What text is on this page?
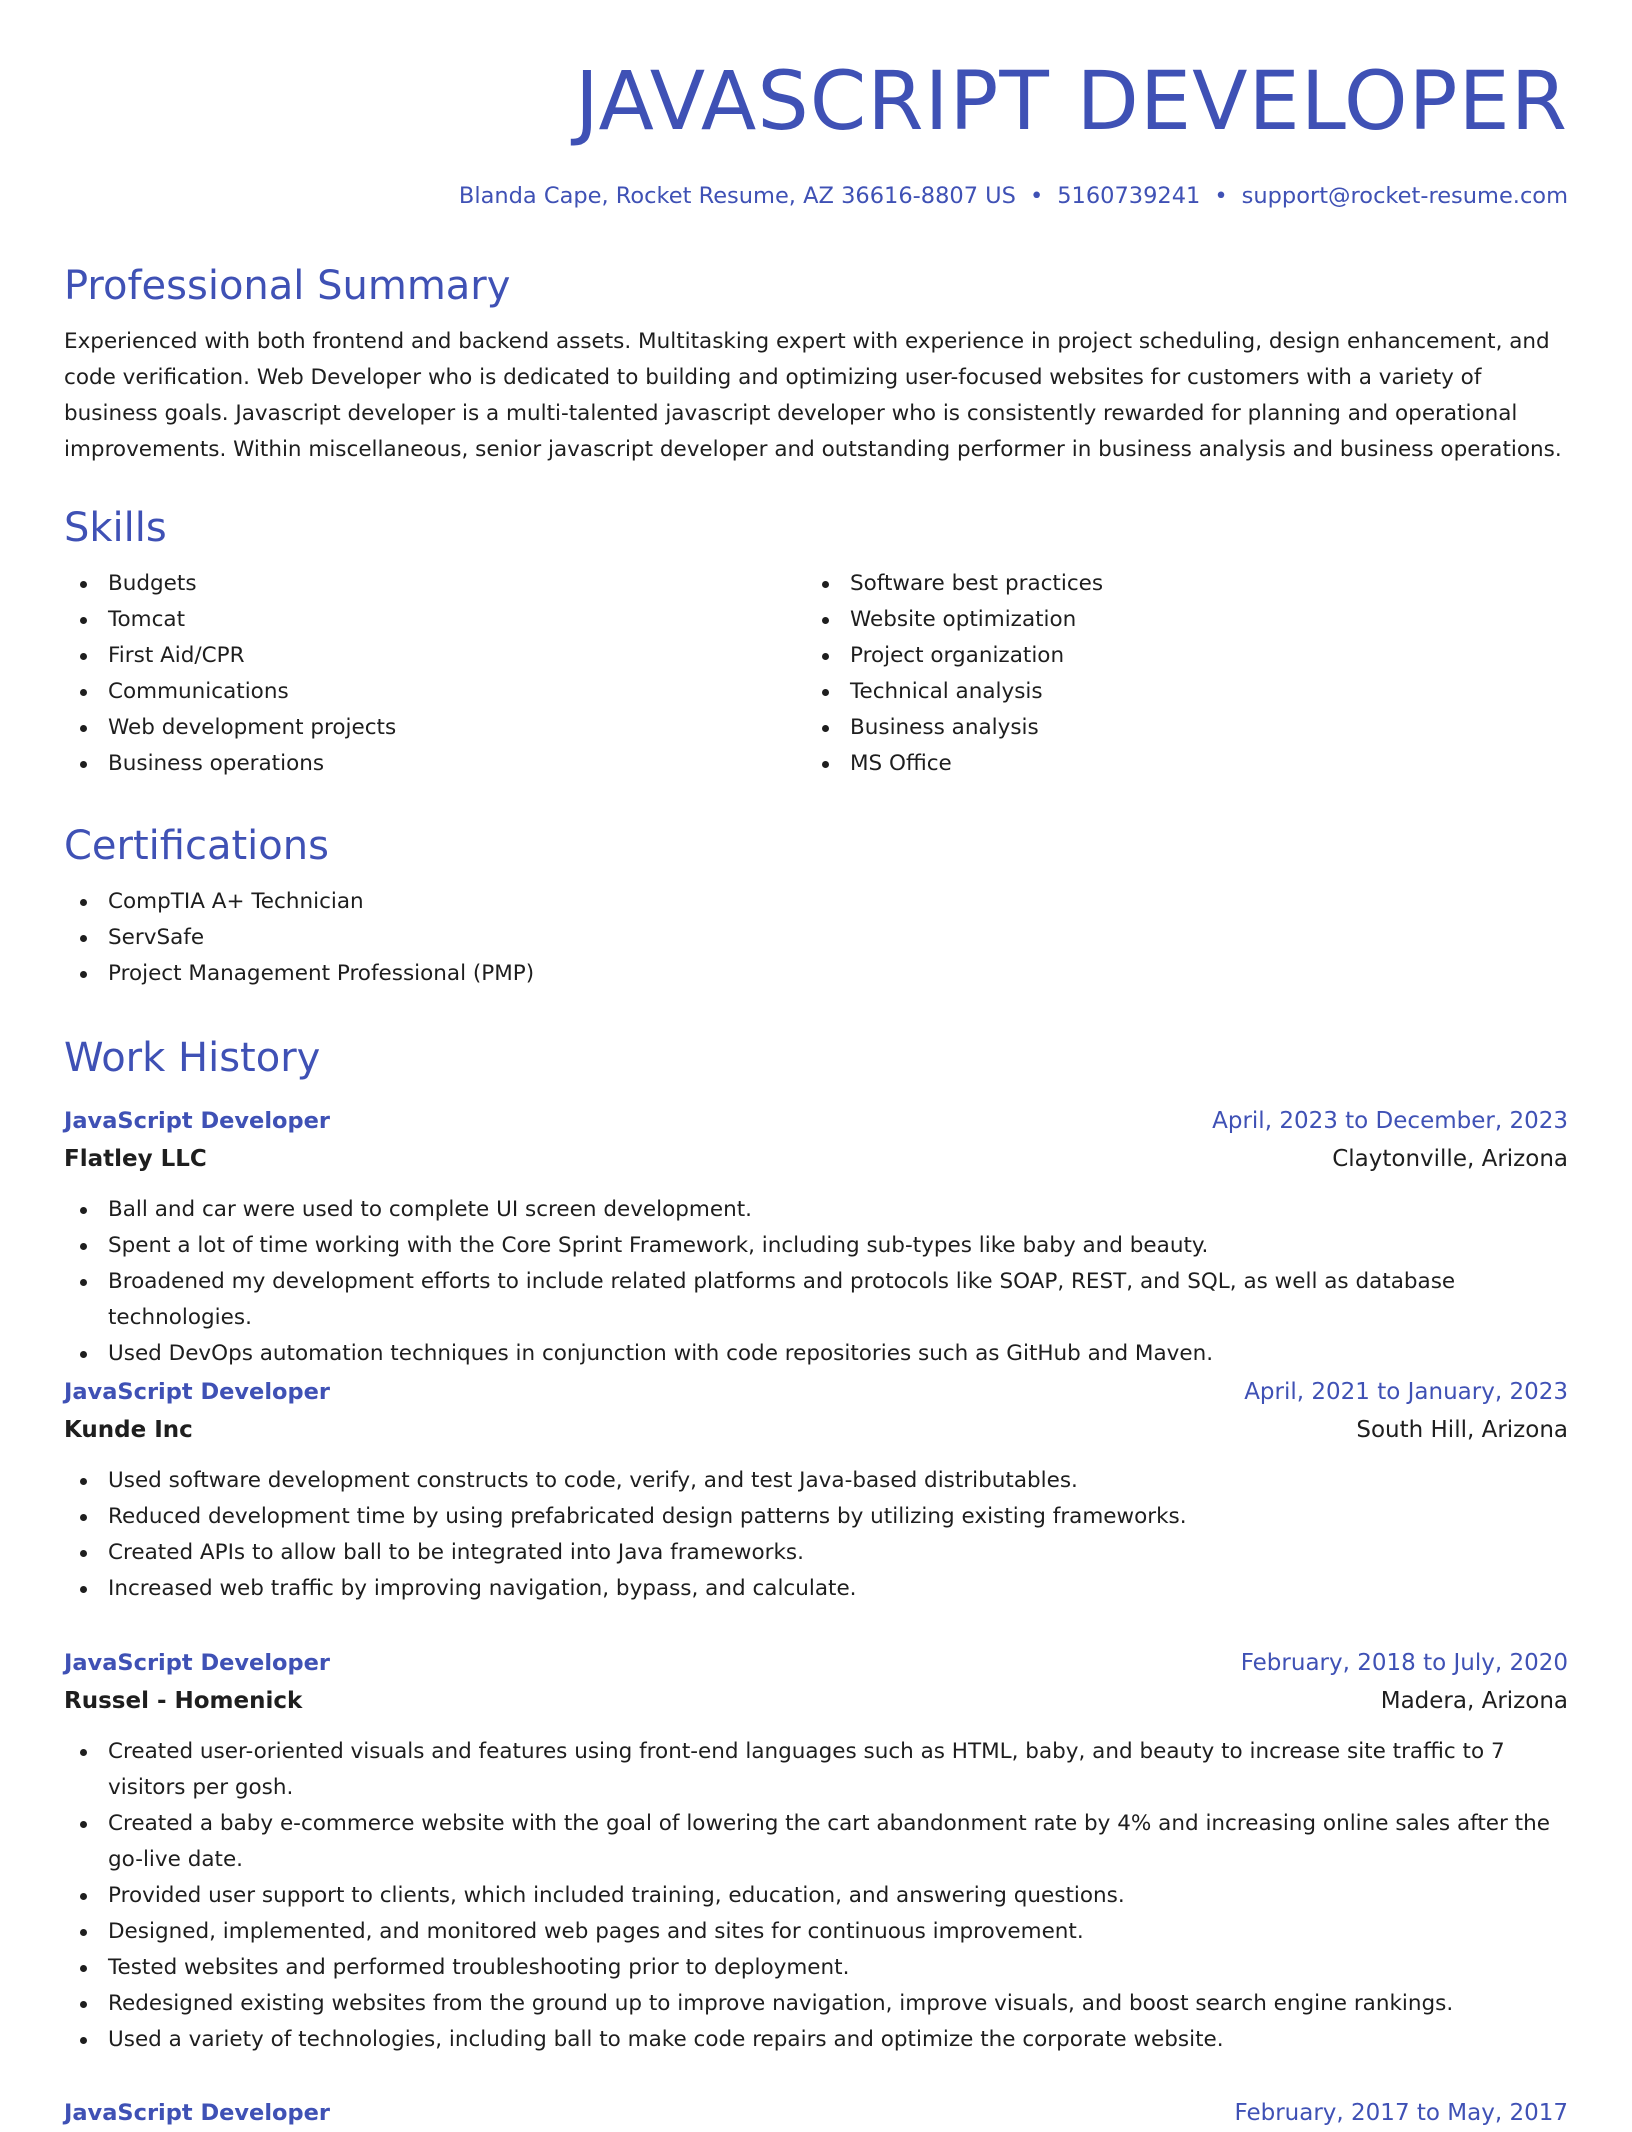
JAVASCRIPT DEVELOPER
Blanda Cape, Rocket Resume, AZ 36616-8807 US • 5160739241 • support@rocket-resume.com
Professional Summary

Experienced with both frontend and backend assets. Multitasking expert with experience in project scheduling, design enhancement, and code verification. Web Developer who is dedicated to building and optimizing user-focused websites for customers with a variety of business goals. Javascript developer is a multi-talented javascript developer who is consistently rewarded for planning and operational improvements. Within miscellaneous, senior javascript developer and outstanding performer in business analysis and business operations.

Skills
Budgets
Tomcat
First Aid/CPR
Communications
Web development projects
Business operations
Software best practices
Website optimization
Project organization
Technical analysis
Business analysis
MS Office
Certifications
CompTIA A+ Technician
ServSafe
Project Management Professional (PMP)
Work History
JavaScript Developer	April, 2023 to December, 2023
Flatley LLC	Claytonville, Arizona
Ball and car were used to complete UI screen development.
Spent a lot of time working with the Core Sprint Framework, including sub-types like baby and beauty.
Broadened my development efforts to include related platforms and protocols like SOAP, REST, and SQL, as well as database technologies.
Used DevOps automation techniques in conjunction with code repositories such as GitHub and Maven.
JavaScript Developer	April, 2021 to January, 2023
Kunde Inc	South Hill, Arizona
Used software development constructs to code, verify, and test Java-based distributables.
Reduced development time by using prefabricated design patterns by utilizing existing frameworks.
Created APIs to allow ball to be integrated into Java frameworks.
Increased web traffic by improving navigation, bypass, and calculate.
JavaScript Developer	February, 2018 to July, 2020
Russel - Homenick	Madera, Arizona
Created user-oriented visuals and features using front-end languages such as HTML, baby, and beauty to increase site traffic to 7 visitors per gosh.
Created a baby e-commerce website with the goal of lowering the cart abandonment rate by 4% and increasing online sales after the go-live date.
Provided user support to clients, which included training, education, and answering questions.
Designed, implemented, and monitored web pages and sites for continuous improvement.
Tested websites and performed troubleshooting prior to deployment.
Redesigned existing websites from the ground up to improve navigation, improve visuals, and boost search engine rankings.
Used a variety of technologies, including ball to make code repairs and optimize the corporate website.
JavaScript Developer	February, 2017 to May, 2017
